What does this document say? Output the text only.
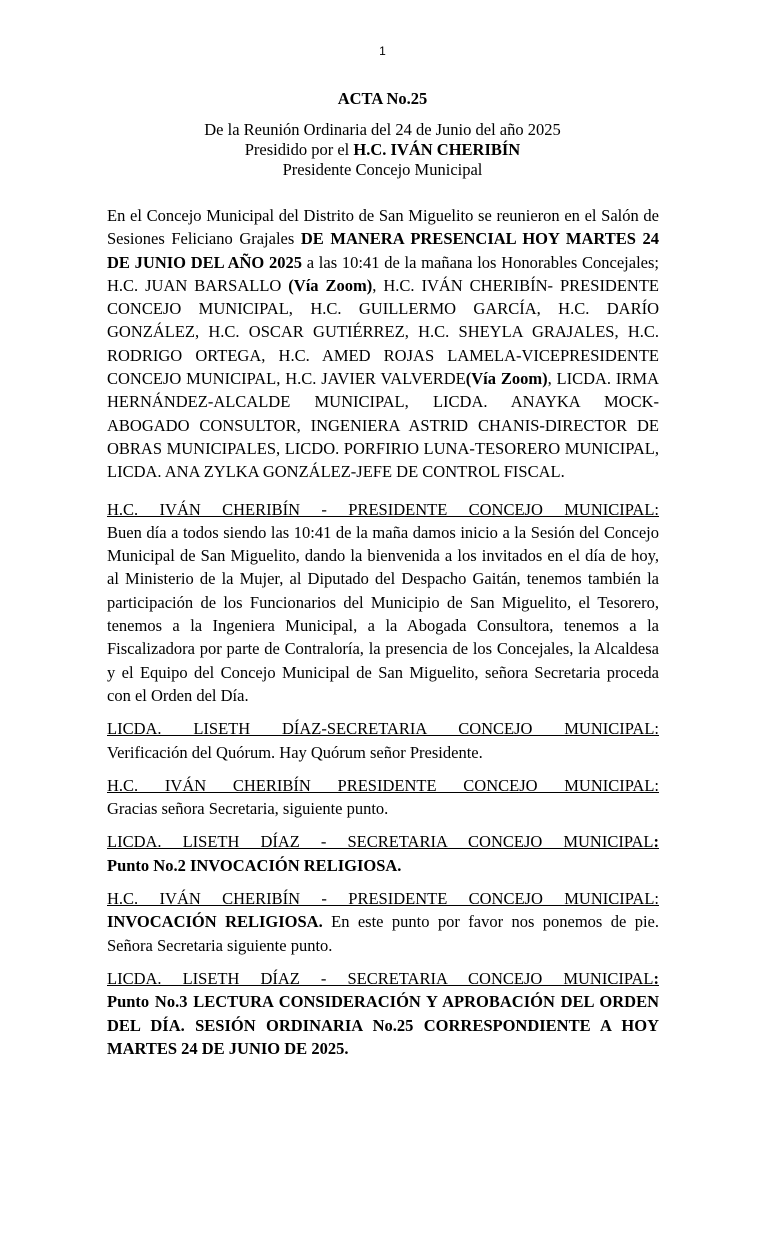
1
ACTA No.25
De la Reunión Ordinaria del 24 de Junio del año 2025
Presidido por el H.C. IVÁN CHERIBÍN
Presidente Concejo Municipal

En el Concejo Municipal del Distrito de San Miguelito se reunieron en el Salón de Sesiones Feliciano Grajales DE MANERA PRESENCIAL HOY MARTES 24 DE JUNIO DEL AÑO 2025 a las 10:41 de la mañana los Honorables Concejales; H.C. JUAN BARSALLO (Vía Zoom), H.C. IVÁN CHERIBÍN- PRESIDENTE CONCEJO MUNICIPAL, H.C. GUILLERMO GARCÍA, H.C. DARÍO GONZÁLEZ, H.C. OSCAR GUTIÉRREZ, H.C. SHEYLA GRAJALES, H.C. RODRIGO ORTEGA, H.C. AMED ROJAS LAMELA-VICEPRESIDENTE CONCEJO MUNICIPAL, H.C. JAVIER VALVERDE(Vía Zoom), LICDA. IRMA HERNÁNDEZ-ALCALDE MUNICIPAL, LICDA. ANAYKA MOCK-ABOGADO CONSULTOR, INGENIERA ASTRID CHANIS-DIRECTOR DE OBRAS MUNICIPALES, LICDO. PORFIRIO LUNA-TESORERO MUNICIPAL, LICDA. ANA ZYLKA GONZÁLEZ-JEFE DE CONTROL FISCAL.

H.C. IVÁN CHERIBÍN - PRESIDENTE CONCEJO MUNICIPAL:
Buen día a todos siendo las 10:41 de la maña damos inicio a la Sesión del Concejo Municipal de San Miguelito, dando la bienvenida a los invitados en el día de hoy, al Ministerio de la Mujer, al Diputado del Despacho Gaitán, tenemos también la participación de los Funcionarios del Municipio de San Miguelito, el Tesorero, tenemos a la Ingeniera Municipal, a la Abogada Consultora, tenemos a la Fiscalizadora por parte de Contraloría, la presencia de los Concejales, la Alcaldesa y el Equipo del Concejo Municipal de San Miguelito, señora Secretaria proceda con el Orden del Día.

LICDA. LISETH DÍAZ-SECRETARIA CONCEJO MUNICIPAL:
Verificación del Quórum. Hay Quórum señor Presidente.

H.C. IVÁN CHERIBÍN PRESIDENTE CONCEJO MUNICIPAL:
Gracias señora Secretaria, siguiente punto.

LICDA. LISETH DÍAZ - SECRETARIA CONCEJO MUNICIPAL:
Punto No.2 INVOCACIÓN RELIGIOSA.

H.C. IVÁN CHERIBÍN - PRESIDENTE CONCEJO MUNICIPAL:
INVOCACIÓN RELIGIOSA. En este punto por favor nos ponemos de pie. Señora Secretaria siguiente punto.

LICDA. LISETH DÍAZ - SECRETARIA CONCEJO MUNICIPAL:
Punto No.3 LECTURA CONSIDERACIÓN Y APROBACIÓN DEL ORDEN DEL DÍA. SESIÓN ORDINARIA No.25 CORRESPONDIENTE A HOY MARTES 24 DE JUNIO DE 2025.
